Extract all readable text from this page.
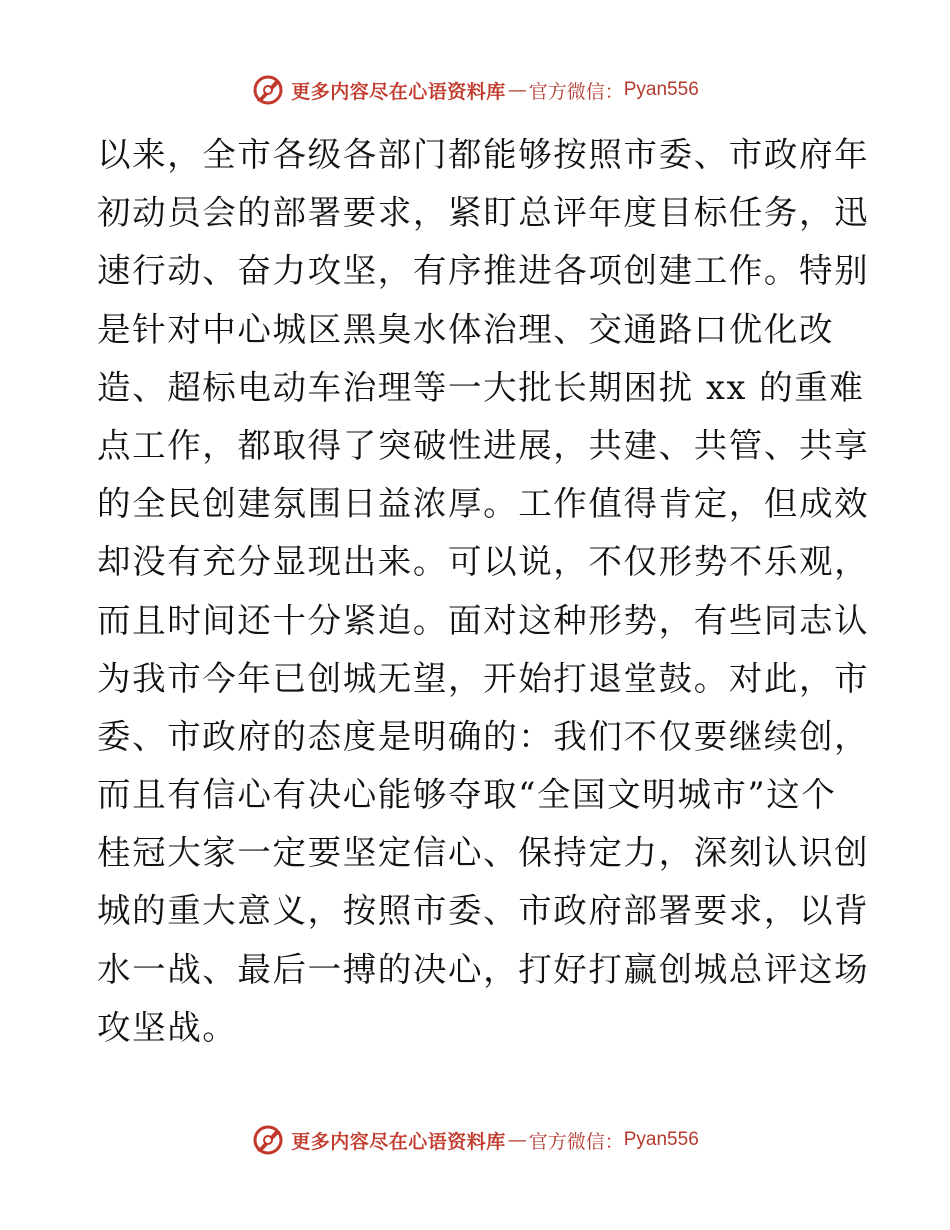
更多内容尽在心语资料库 — 官方微信： Pyan556
以来，全市各级各部门都能够按照市委、市政府年
初动员会的部署要求，紧盯总评年度目标任务，迅
速行动、奋力攻坚，有序推进各项创建工作。特别
是针对中心城区黑臭水体治理、交通路口优化改
造、超标电动车治理等一大批长期困扰 xx 的重难
点工作，都取得了突破性进展，共建、共管、共享
的全民创建氛围日益浓厚。工作值得肯定，但成效
却没有充分显现出来。可以说，不仅形势不乐观，
而且时间还十分紧迫。面对这种形势，有些同志认
为我市今年已创城无望，开始打退堂鼓。对此，市
委、市政府的态度是明确的：我们不仅要继续创，
而且有信心有决心能够夺取“全国文明城市”这个
桂冠大家一定要坚定信心、保持定力，深刻认识创
城的重大意义，按照市委、市政府部署要求，以背
水一战、最后一搏的决心，打好打赢创城总评这场
攻坚战。
更多内容尽在心语资料库 — 官方微信： Pyan556
